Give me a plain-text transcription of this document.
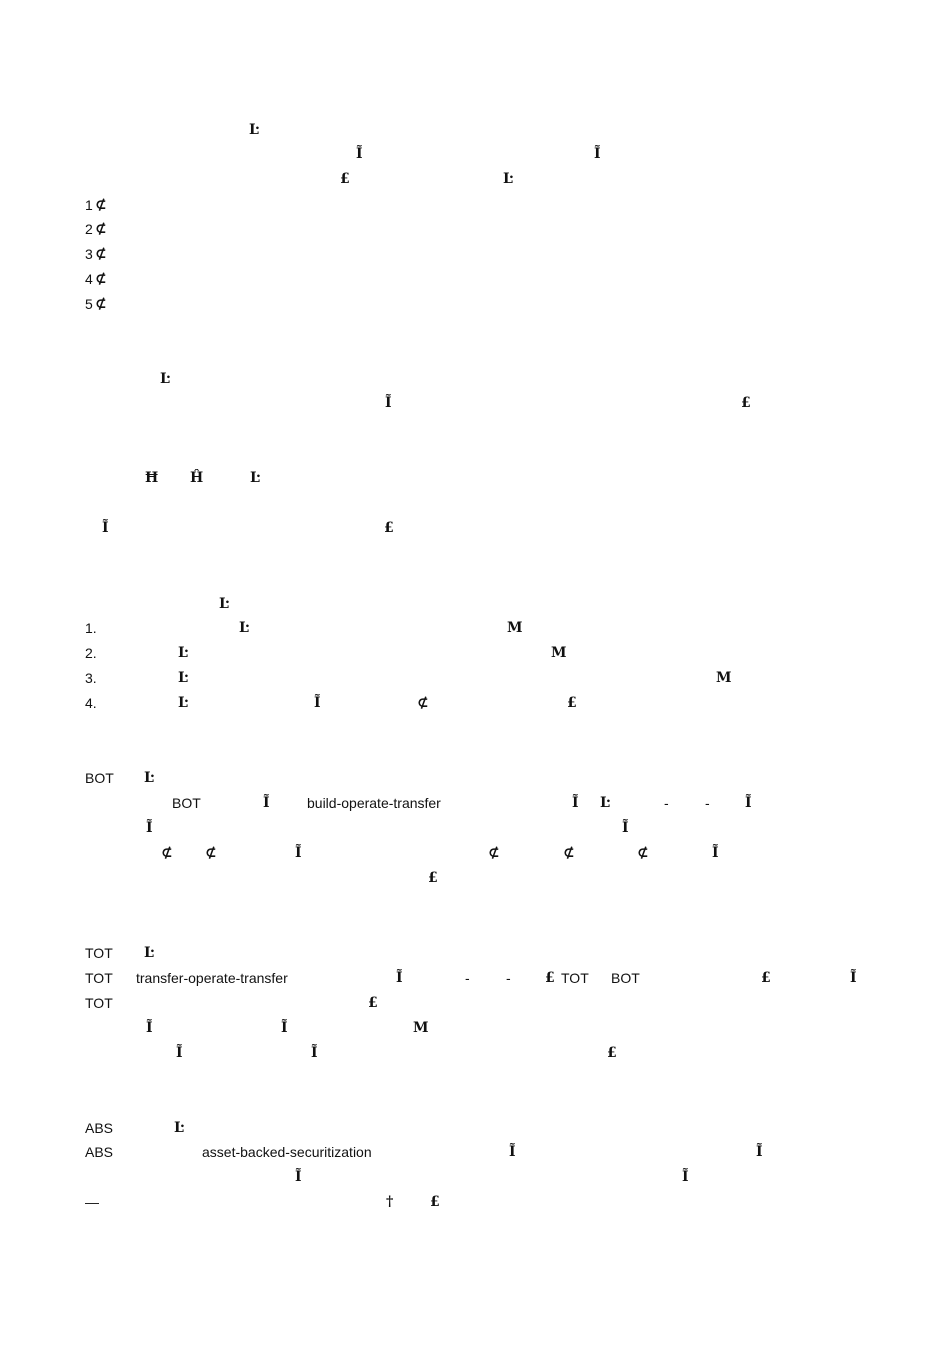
Ŀ
Ĩ	Ĩ
£	Ŀ
1 ⊄
2 ⊄
3 ⊄
4 ⊄
5 ⊄
Ŀ
Ĩ	£
Ħ Ĥ	Ŀ
Ĩ	£
Ŀ
1.	Ŀ	M
2.	Ŀ	M
3.	Ŀ	M
4.	Ŀ	Ĩ	⊄	£
BOT Ŀ
BOT	Ĩ	build-operate-transfer	Ĩ Ŀ	-	-	Ĩ
Ĩ	Ĩ
⊄ ⊄	Ĩ	⊄	⊄	⊄	Ĩ
£
TOT Ŀ
TOT transfer-operate-transfer	Ĩ	-	- £ TOT BOT	£	Ĩ
TOT	£
Ĩ	Ĩ	M
Ĩ	Ĩ	£
ABS	Ŀ
ABS	asset-backed-securitization	Ĩ	Ĩ
Ĩ	Ĩ
—	†	£
